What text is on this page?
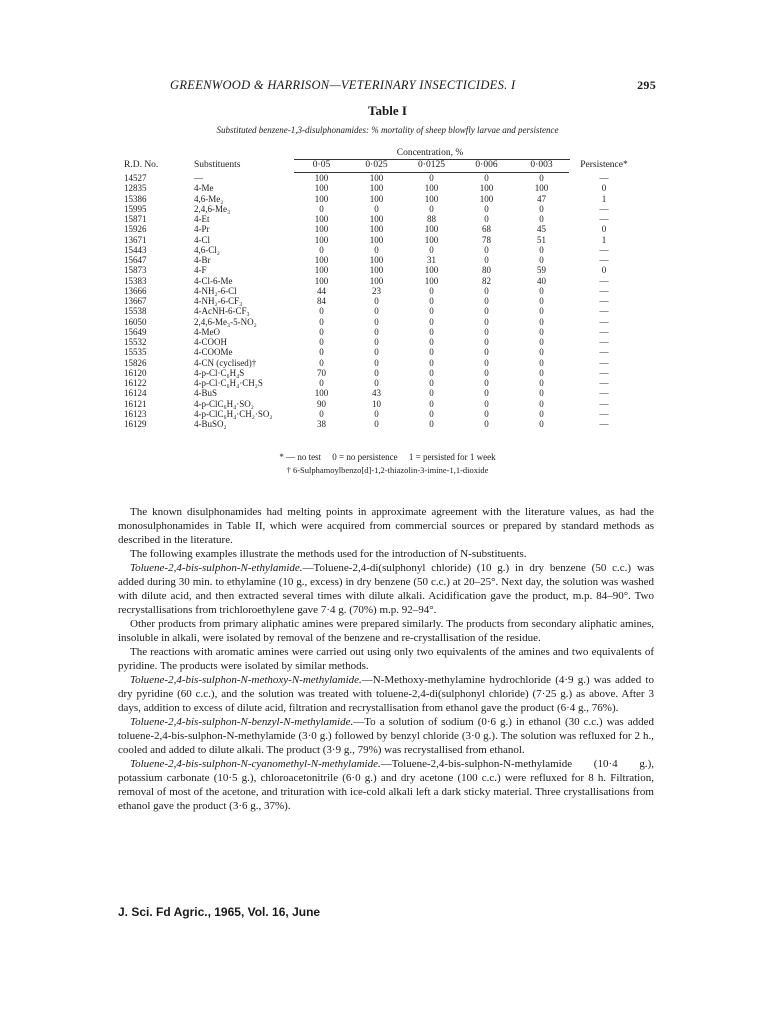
GREENWOOD & HARRISON—VETERINARY INSECTICIDES. I	295
Table I
Substituted benzene-1,3-disulphonamides: % mortality of sheep blowfly larvae and persistence
Concentration, %
R.D. No.	Substituents	0·05	0·025	0·0125	0·006	0·003	Persistence*
14527	—	100	100	0	0	0	—
12835	4-Me	100	100	100	100	100	0
15386	4,6-Me₂	100	100	100	100	47	1
15995	2,4,6-Me₃	0	0	0	0	0	—
15871	4-Et	100	100	88	0	0	—
15926	4-Pr	100	100	100	68	45	0
13671	4-Cl	100	100	100	78	51	1
15443	4,6-Cl₂	0	0	0	0	0	—
15647	4-Br	100	100	31	0	0	—
15873	4-F	100	100	100	80	59	0
15383	4-Cl-6-Me	100	100	100	82	40	—
13666	4-NH₂-6-Cl	44	23	0	0	0	—
13667	4-NH₂-6-CF₃	84	0	0	0	0	—
15538	4-AcNH-6-CF₃	0	0	0	0	0	—
16050	2,4,6-Me₃-5-NO₂	0	0	0	0	0	—
15649	4-MeO	0	0	0	0	0	—
15532	4-COOH	0	0	0	0	0	—
15535	4-COOMe	0	0	0	0	0	—
15826	4-CN (cyclised)†	0	0	0	0	0	—
16120	4-p-Cl·C₆H₄S	70	0	0	0	0	—
16122	4-p-Cl·C₆H₄·CH₂S	0	0	0	0	0	—
16124	4-BuS	100	43	0	0	0	—
16121	4-p-ClC₆H₄·SO₂	90	10	0	0	0	—
16123	4-p-ClC₆H₄·CH₂·SO₂	0	0	0	0	0	—
16129	4-BuSO₂	38	0	0	0	0	—
* — no test     0 = no persistence     1 = persisted for 1 week
† 6-Sulphamoylbenzo[d]-1,2-thiazolin-3-imine-1,1-dioxide

The known disulphonamides had melting points in approximate agreement with the literature values, as had the monosulphonamides in Table II, which were acquired from commercial sources or prepared by standard methods as described in the literature.

The following examples illustrate the methods used for the introduction of N-substituents.

Toluene-2,4-bis-sulphon-N-ethylamide.—Toluene-2,4-di(sulphonyl chloride) (10 g.) in dry benzene (50 c.c.) was added during 30 min. to ethylamine (10 g., excess) in dry benzene (50 c.c.) at 20–25°. Next day, the solution was washed with dilute acid, and then extracted several times with dilute alkali. Acidification gave the product, m.p. 84–90°. Two recrystallisations from trichloroethylene gave 7·4 g. (70%) m.p. 92–94°.

Other products from primary aliphatic amines were prepared similarly. The products from secondary aliphatic amines, insoluble in alkali, were isolated by removal of the benzene and re-crystallisation of the residue.

The reactions with aromatic amines were carried out using only two equivalents of the amines and two equivalents of pyridine. The products were isolated by similar methods.

Toluene-2,4-bis-sulphon-N-methoxy-N-methylamide.—N-Methoxy-methylamine hydrochloride (4·9 g.) was added to dry pyridine (60 c.c.), and the solution was treated with toluene-2,4-di(sulphonyl chloride) (7·25 g.) as above. After 3 days, addition to excess of dilute acid, filtration and recrystallisation from ethanol gave the product (6·4 g., 76%).

Toluene-2,4-bis-sulphon-N-benzyl-N-methylamide.—To a solution of sodium (0·6 g.) in ethanol (30 c.c.) was added toluene-2,4-bis-sulphon-N-methylamide (3·0 g.) followed by benzyl chloride (3·0 g.). The solution was refluxed for 2 h., cooled and added to dilute alkali. The product (3·9 g., 79%) was recrystallised from ethanol.

Toluene-2,4-bis-sulphon-N-cyanomethyl-N-methylamide.—Toluene-2,4-bis-sulphon-N-methylamide (10·4 g.), potassium carbonate (10·5 g.), chloroacetonitrile (6·0 g.) and dry acetone (100 c.c.) were refluxed for 8 h. Filtration, removal of most of the acetone, and trituration with ice-cold alkali left a dark sticky material. Three crystallisations from ethanol gave the product (3·6 g., 37%).

J. Sci. Fd Agric., 1965, Vol. 16, June
